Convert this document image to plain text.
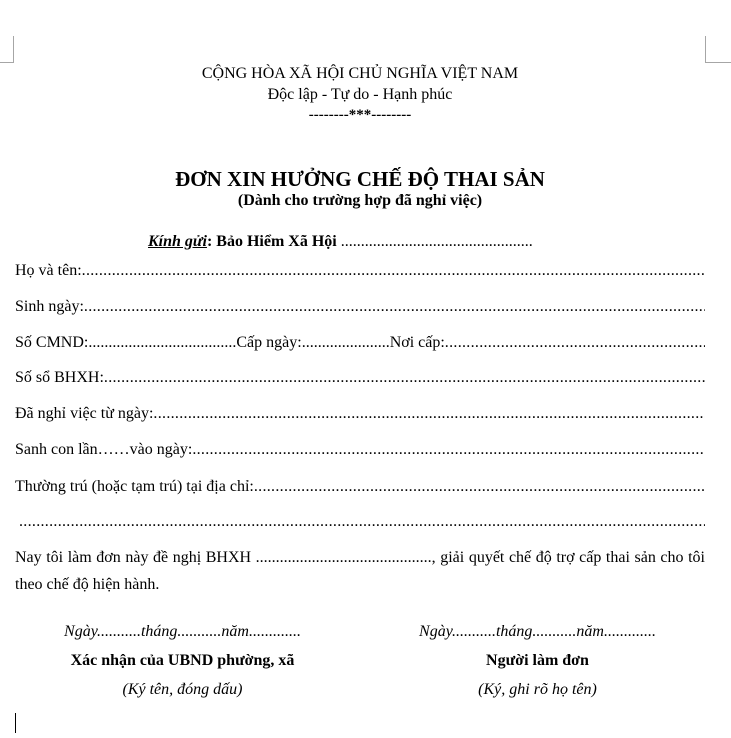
CỘNG HÒA XÃ HỘI CHỦ NGHĨA VIỆT NAM
Độc lập - Tự do - Hạnh phúc
--------***--------
ĐƠN XIN HƯỞNG CHẾ ĐỘ THAI SẢN
(Dành cho trường hợp đã nghỉ việc)
Kính gửi: Bảo Hiểm Xã Hội ................................................
Họ và tên:
.....
Sinh ngày:
.....
Số CMND: ..................................... Cấp ngày: ...................... Nơi cấp:
.....
Số sổ BHXH:
.....
Đã nghỉ việc từ ngày:
.....
Sanh con lần …… vào ngày:
.....
Thường trú (hoặc tạm trú) tại địa chỉ:
.....
.....
Nay tôi làm đơn này đề nghị BHXH ............................................, giải quyết chế độ trợ cấp thai sản cho tôi theo chế độ hiện hành.
Ngày...........tháng...........năm.............
Xác nhận của UBND phường, xã
(Ký tên, đóng dấu)
Ngày...........tháng...........năm.............
Người làm đơn
(Ký, ghi rõ họ tên)
